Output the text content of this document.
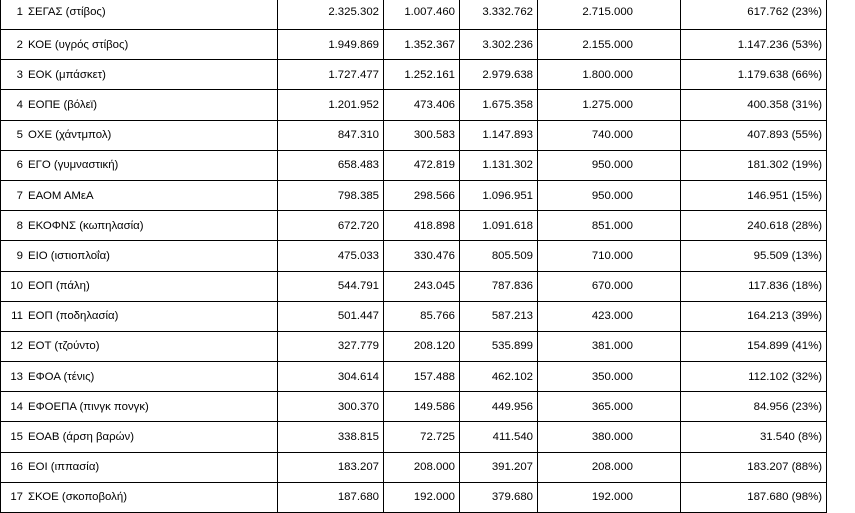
1 ΣΕΓΑΣ (στίβος)	2.325.302	1.007.460	3.332.762	2.715.000	617.762 (23%)
2 ΚΟΕ (υγρός στίβος)	1.949.869	1.352.367	3.302.236	2.155.000	1.147.236 (53%)
3 ΕΟΚ (μπάσκετ)	1.727.477	1.252.161	2.979.638	1.800.000	1.179.638 (66%)
4 ΕΟΠΕ (βόλεϊ)	1.201.952	473.406	1.675.358	1.275.000	400.358 (31%)
5 ΟΧΕ (χάντμπολ)	847.310	300.583	1.147.893	740.000	407.893 (55%)
6 ΕΓΟ (γυμναστική)	658.483	472.819	1.131.302	950.000	181.302 (19%)
7 ΕΑΟΜ ΑΜεΑ	798.385	298.566	1.096.951	950.000	146.951 (15%)
8 ΕΚΟΦΝΣ (κωπηλασία)	672.720	418.898	1.091.618	851.000	240.618 (28%)
9 ΕΙΟ (ιστιοπλοΐα)	475.033	330.476	805.509	710.000	95.509 (13%)
10 ΕΟΠ (πάλη)	544.791	243.045	787.836	670.000	117.836 (18%)
11 ΕΟΠ (ποδηλασία)	501.447	85.766	587.213	423.000	164.213 (39%)
12 ΕΟΤ (τζούντο)	327.779	208.120	535.899	381.000	154.899 (41%)
13 ΕΦΟΑ (τένις)	304.614	157.488	462.102	350.000	112.102 (32%)
14 ΕΦΟΕΠΑ (πινγκ πονγκ)	300.370	149.586	449.956	365.000	84.956 (23%)
15 ΕΟΑΒ (άρση βαρών)	338.815	72.725	411.540	380.000	31.540 (8%)
16 ΕΟΙ (ιππασία)	183.207	208.000	391.207	208.000	183.207 (88%)
17 ΣΚΟΕ (σκοποβολή)	187.680	192.000	379.680	192.000	187.680 (98%)
